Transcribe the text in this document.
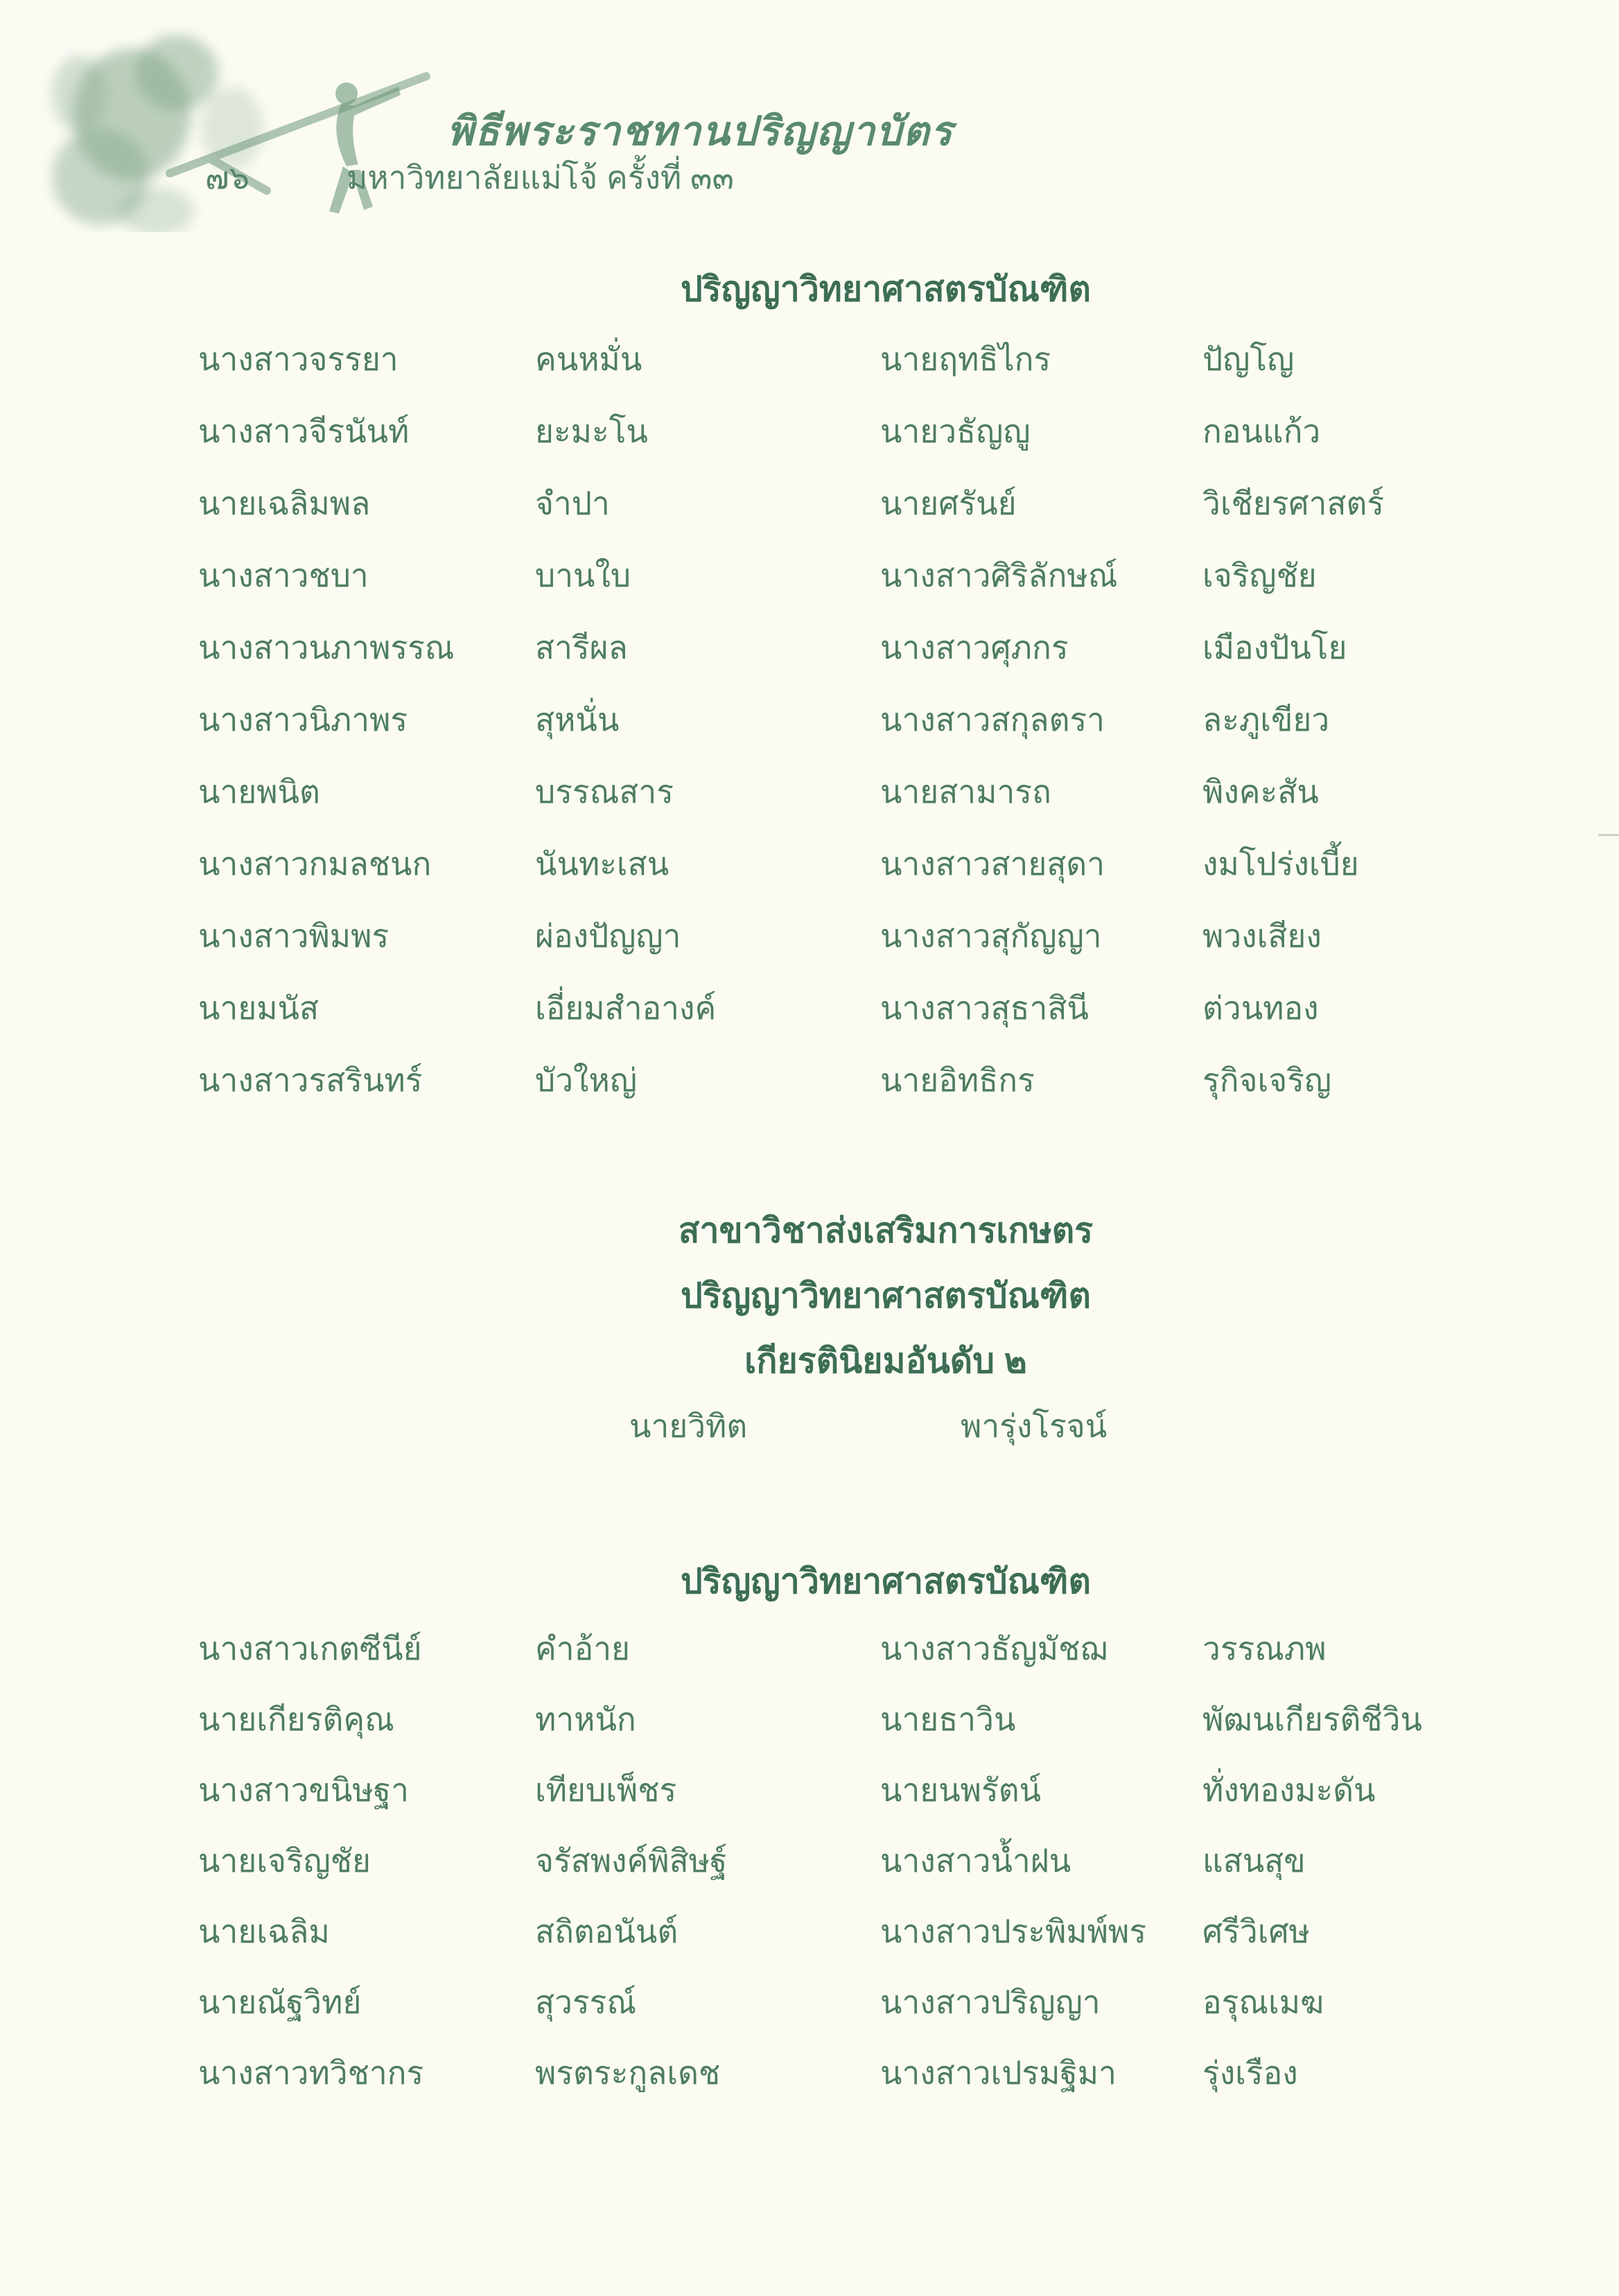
๗๖
พิธีพระราชทานปริญญาบัตร
มหาวิทยาลัยแม่โจ้ ครั้งที่ ๓๓
ปริญญาวิทยาศาสตรบัณฑิต
นางสาวจรรยา	คนหมั่น	นายฤทธิไกร	ปัญโญ
นางสาวจีรนันท์	ยะมะโน	นายวธัญญู	กอนแก้ว
นายเฉลิมพล	จำปา	นายศรันย์	วิเชียรศาสตร์
นางสาวชบา	บานใบ	นางสาวศิริลักษณ์	เจริญชัย
นางสาวนภาพรรณ	สารีผล	นางสาวศุภกร	เมืองปันโย
นางสาวนิภาพร	สุหนั่น	นางสาวสกุลตรา	ละภูเขียว
นายพนิต	บรรณสาร	นายสามารถ	พิงคะสัน
นางสาวกมลชนก	นันทะเสน	นางสาวสายสุดา	งมโปร่งเบี้ย
นางสาวพิมพร	ผ่องปัญญา	นางสาวสุกัญญา	พวงเสียง
นายมนัส	เอี่ยมสำอางค์	นางสาวสุธาสินี	ต่วนทอง
นางสาวรสรินทร์	บัวใหญ่	นายอิทธิกร	รุกิจเจริญ
สาขาวิชาส่งเสริมการเกษตร
ปริญญาวิทยาศาสตรบัณฑิต
เกียรตินิยมอันดับ ๒
นายวิทิต	พารุ่งโรจน์
ปริญญาวิทยาศาสตรบัณฑิต
นางสาวเกตซีนีย์	คำอ้าย	นางสาวธัญมัชฌ	วรรณภพ
นายเกียรติคุณ	ทาหนัก	นายธาวิน	พัฒนเกียรติชีวิน
นางสาวขนิษฐา	เทียบเพ็ชร	นายนพรัตน์	ทั่งทองมะดัน
นายเจริญชัย	จรัสพงค์พิสิษฐ์	นางสาวน้ำฝน	แสนสุข
นายเฉลิม	สถิตอนันต์	นางสาวประพิมพ์พร	ศรีวิเศษ
นายณัฐวิทย์	สุวรรณ์	นางสาวปริญญา	อรุณเมฆ
นางสาวทวิชากร	พรตระกูลเดช	นางสาวเปรมฐิมา	รุ่งเรือง
